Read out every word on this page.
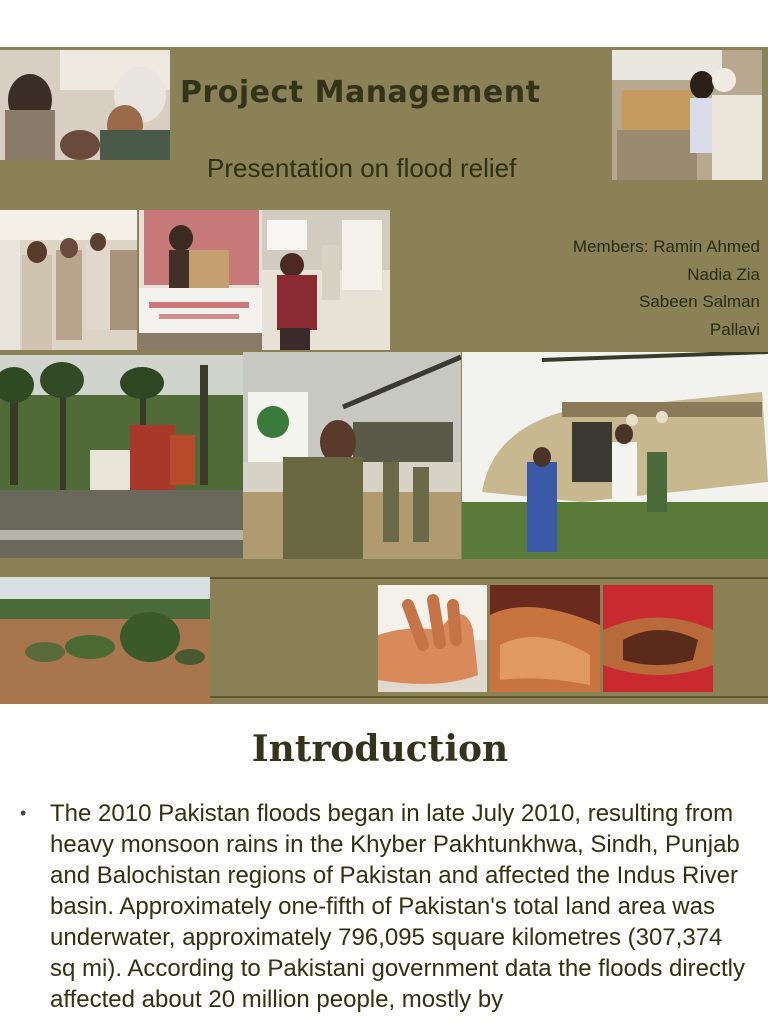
Project Management
Presentation on flood relief
Members: Ramin Ahmed
Nadia Zia
Sabeen Salman
Pallavi
Introduction
• The 2010 Pakistan floods began in late July 2010, resulting from heavy monsoon rains in the Khyber Pakhtunkhwa, Sindh, Punjab and Balochistan regions of Pakistan and affected the Indus River basin. Approximately one-fifth of Pakistan's total land area was underwater, approximately 796,095 square kilometres (307,374 sq mi). According to Pakistani government data the floods directly affected about 20 million people, mostly by
